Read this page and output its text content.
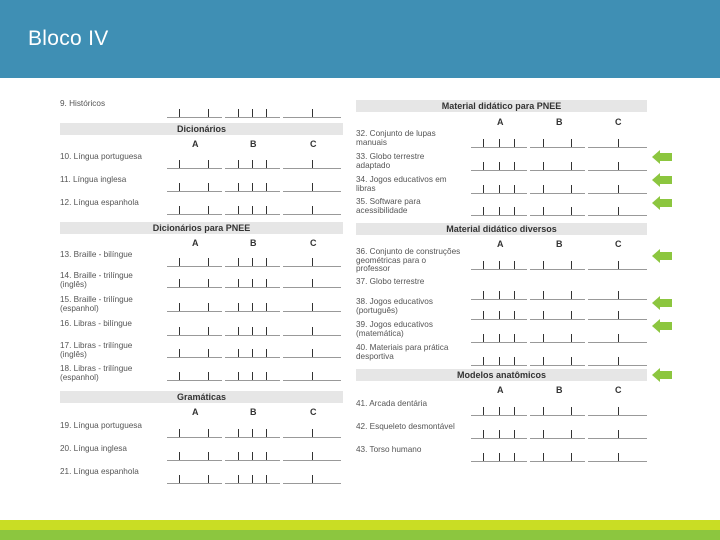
Bloco IV
9. Históricos
Dicionários
A	B	C
10. Língua portuguesa
11. Língua inglesa
12. Língua espanhola
Dicionários para PNEE
A	B	C
13. Braille - bilíngue
14. Braille - trilíngue
(inglês)
15. Braille - trilíngue
(espanhol)
16. Libras - bilíngue
17. Libras - trilíngue
(inglês)
18. Libras - trilíngue
(espanhol)
Gramáticas
A	B	C
19. Língua portuguesa
20. Língua inglesa
21. Língua espanhola
Material didático para PNEE
A	B	C
32. Conjunto de lupas
manuais
33. Globo terrestre
adaptado
34. Jogos educativos em
libras
35. Software para
acessibilidade
Material didático diversos
A	B	C
36. Conjunto de construções
geométricas para o
professor
37. Globo terrestre
38. Jogos educativos
(português)
39. Jogos educativos
(matemática)
40. Materiais para prática
desportiva
Modelos anatômicos
A	B	C
41. Arcada dentária
42. Esqueleto desmontável
43. Torso humano
